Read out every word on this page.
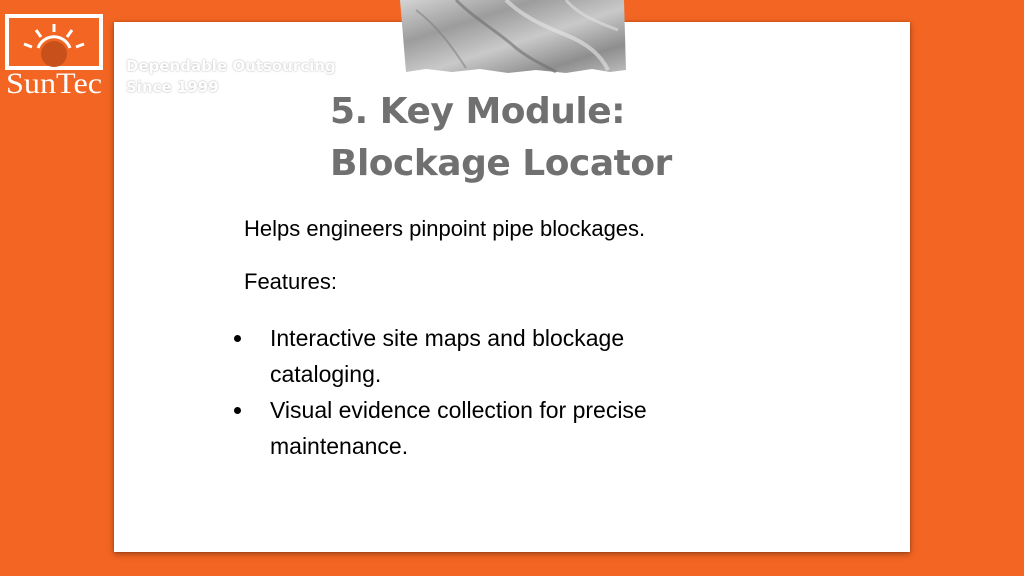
SunTec
Dependable Outsourcing
Since 1999
5. Key Module:
Blockage Locator
Helps engineers pinpoint pipe blockages.
Features:
Interactive site maps and blockage cataloging.
Visual evidence collection for precise maintenance.
